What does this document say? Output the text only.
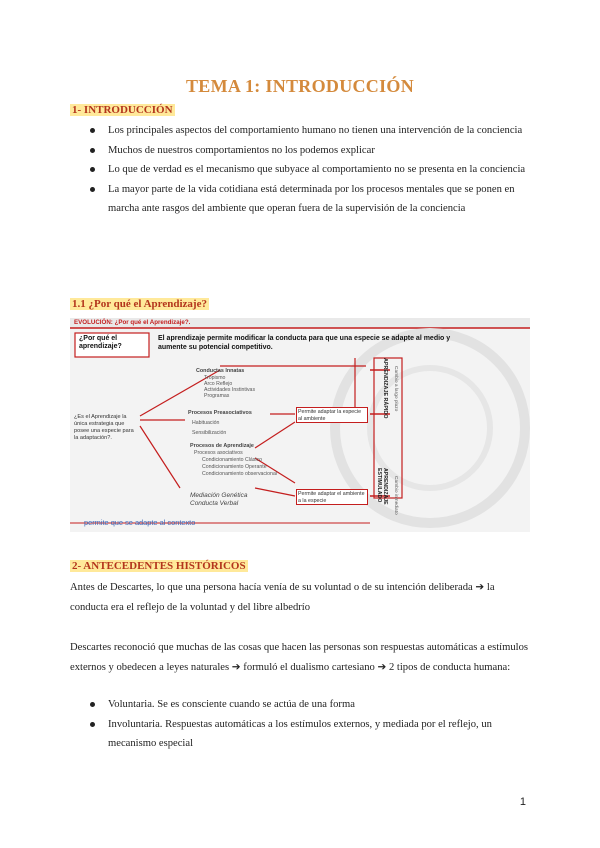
TEMA 1: INTRODUCCIÓN
1- INTRODUCCIÓN
Los principales aspectos del comportamiento humano no tienen una intervención de la conciencia
Muchos de nuestros comportamientos no los podemos explicar
Lo que de verdad es el mecanismo que subyace al comportamiento no se presenta en la conciencia
La mayor parte de la vida cotidiana está determinada por los procesos mentales que se ponen en marcha ante rasgos del ambiente que operan fuera de la supervisión de la conciencia
1.1 ¿Por qué el Aprendizaje?
EVOLUCIÓN: ¿Por qué el Aprendizaje?.
¿Por qué el aprendizaje?
El aprendizaje permite modificar la conducta para que una especie se adapte al medio y aumente su potencial competitivo.
¿Es el Aprendizaje la única estrategia que posee una especie para la adaptación?.
Conductas Innatas
Tropismo
Arco Reflejo
Actividades Instintivas
Programas
Procesos Preasociativos
Habituación
Sensibilización
Procesos de Aprendizaje
Procesos asociativos
Condicionamiento Clásico
Condicionamiento Operante
Condicionamiento observacional
Permite adaptar la especie al ambiente
Permite adaptar el ambiente a la especie
Mediación Genética Conducta Verbal
APRENDIZAJE RÁPIDO	Cambio a largo plazo
APRENDIZAJE ESTIMULADO	Cambio inmediato
permite que se adapte al contexto
2- ANTECEDENTES HISTÓRICOS

Antes de Descartes, lo que una persona hacía venía de su voluntad o de su intención deliberada ➔ la conducta era el reflejo de la voluntad y del libre albedrío

Descartes reconoció que muchas de las cosas que hacen las personas son respuestas automáticas a estímulos externos y obedecen a leyes naturales ➔ formuló el dualismo cartesiano ➔ 2 tipos de conducta humana:

Voluntaria. Se es consciente cuando se actúa de una forma
Involuntaria. Respuestas automáticas a los estímulos externos, y mediada por el reflejo, un mecanismo especial
1
